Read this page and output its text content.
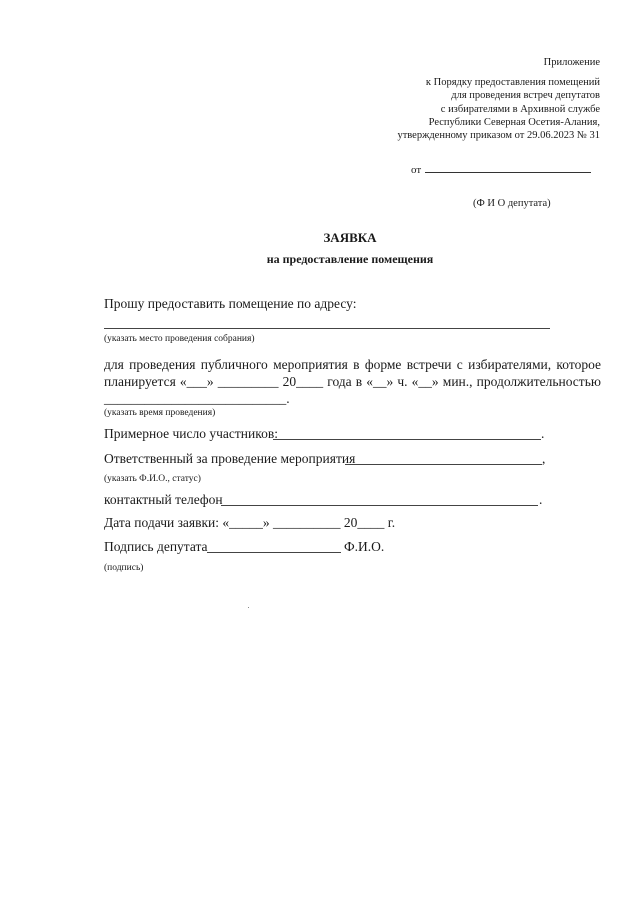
Приложение
к Порядку предоставления помещений
для проведения встреч депутатов
с избирателями в Архивной службе
Республики Северная Осетия-Алания,
утвержденному приказом от 29.06.2023 № 31
от
(Ф И О депутата)
ЗАЯВКА
на предоставление помещения
Прошу предоставить помещение по адресу:
(указать место проведения собрания)
для проведения публичного мероприятия в форме встречи с избирателями, которое
планируется «___» _________ 20____ года в «__» ч. «__» мин., продолжительностью
___________________________.
(указать время проведения)
Примерное число участников:	.
Ответственный за проведение мероприятия	,
(указать Ф.И.О., статус)
контактный телефон	.
Дата подачи заявки: «_____» __________ 20____ г.
Подпись депутата	Ф.И.О.
(подпись)
